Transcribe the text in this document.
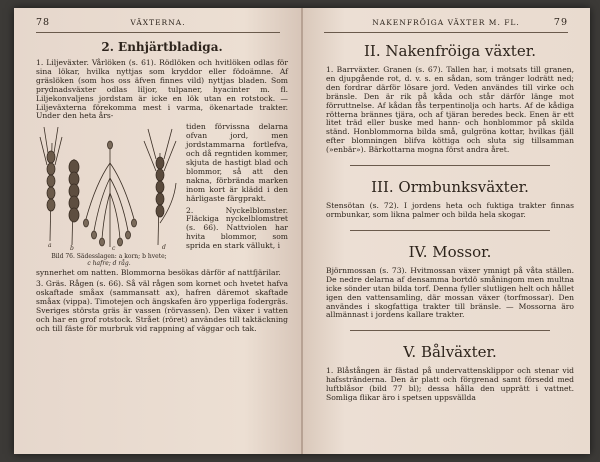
78	VÄXTERNA.
2. Enhjärtbladiga.

1. Liljeväxter. Vårlöken (s. 61). Rödlöken och hvitlöken odlas för sina lökar, hvilka nyttjas som kryddor eller födoämne. Af gräslöken (som hos oss äfven finnes vild) nyttjas bladen. Som prydnadsväxter odlas liljor, tulpaner, hyacinter m. fl. Liljekonvaljens jordstam är icke en lök utan en rotstock. — Liljeväxterna förekomma mest i varma, ökenartade trakter. Under den heta års-

a	b	c	d
Bild 76. Sädesslagen: a korn; b hvete;
c hafre; d råg.

tiden förvissna delarna ofvan jord, men jordstammarna fortlefva, och då regntiden kommer, skjuta de hastigt blad och blommor, så att den nakna, förbrända marken inom kort är klädd i den härligaste färgprakt.

2. Nyckelblomster. Fläckiga nyckelblomstret (s. 66). Nattviolen har hvita blommor, som sprida en stark vällukt, i

synnerhet om natten. Blommorna besökas därför af nattfjärilar.

3. Gräs. Rågen (s. 66). Så väl rågen som kornet och hvetet hafva oskaftade småax (sammansatt ax), hafren däremot skaftade småax (vippa). Timotejen och ängskafen äro ypperliga fodergräs. Sveriges största gräs är vassen (rörvassen). Den växer i vatten och har en grof rotstock. Strået (röret) användes till taktäckning och till fäste för murbruk vid rappning af väggar och tak.

NAKENFRÖIGA VÄXTER M. FL.	79
II. Nakenfröiga växter.

1. Barrväxter. Granen (s. 67). Tallen har, i motsats till granen, en djupgående rot, d. v. s. en sådan, som tränger lodrätt ned; den fordrar därför lösare jord. Veden användes till virke och bränsle. Den är rik på kåda och står därför länge mot förruttnelse. Af kådan fås terpentinolja och harts. Af de kådiga rötterna brännes tjära, och af tjäran beredes beck. Enen är ett litet träd eller buske med hann- och honblommor på skilda ständ. Honblommorna bilda små, gulgröna kottar, hvilkas fjäll efter blomningen blifva köttiga och sluta sig tillsamman (»enbär»). Bärkottarna mogna först andra året.

III. Ormbunksväxter.

Stensötan (s. 72). I jordens heta och fuktiga trakter finnas ormbunkar, som likna palmer och bilda hela skogar.

IV. Mossor.

Björnmossan (s. 73). Hvitmossan växer ymnigt på våta ställen. De nedre delarna af densamma bortdö småningom men multna icke sönder utan bilda torf. Denna fyller slutligen helt och hållet igen den vattensamling, där mossan växer (torfmossar). Den användes i skogfattiga trakter till bränsle. — Mossorna äro allmännast i jordens kallare trakter.

V. Bålväxter.

1. Blåstången är fästad på undervattensklippor och stenar vid hafsstränderna. Den är platt och förgrenad samt försedd med luftblåsor (bild 77 bl); dessa hålla den upprätt i vattnet. Somliga flikar äro i spetsen uppsvällda
